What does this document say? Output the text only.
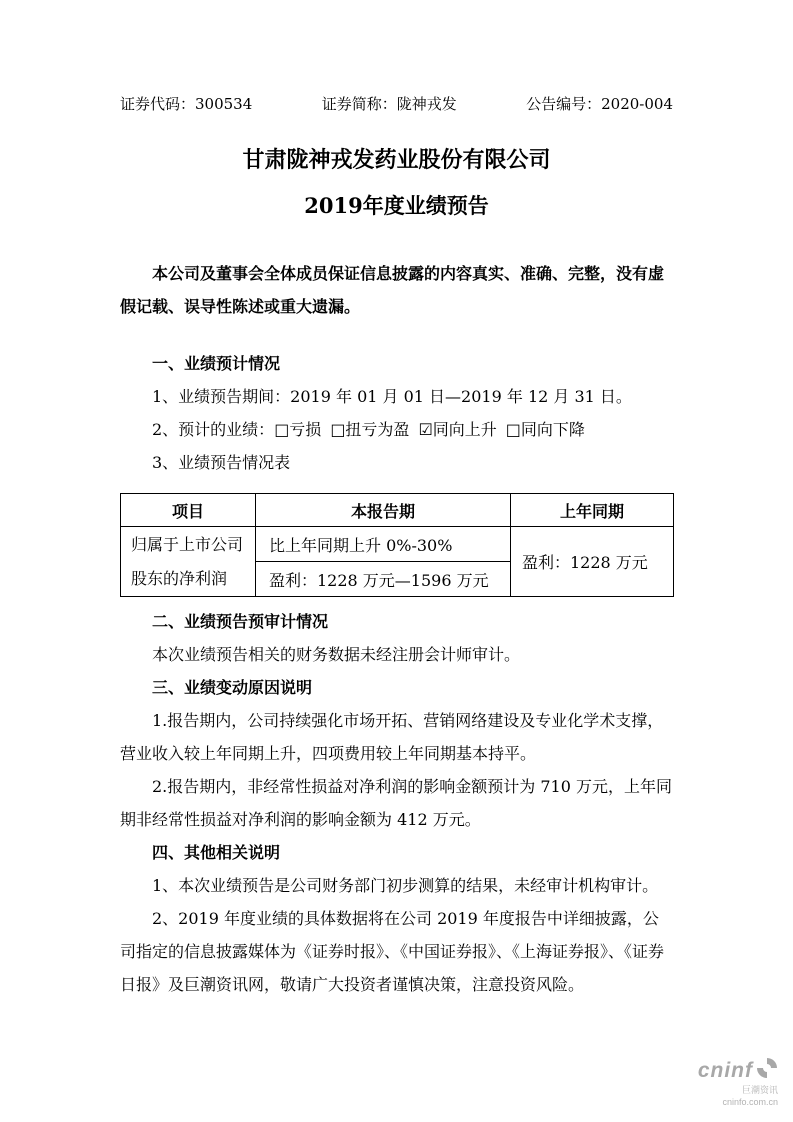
证券代码：300534	证券简称：陇神戎发	公告编号：2020-004
甘肃陇神戎发药业股份有限公司
2019年度业绩预告

本公司及董事会全体成员保证信息披露的内容真实、准确、完整，没有虚假记载、误导性陈述或重大遗漏。

一、业绩预计情况

1、业绩预告期间：2019 年 01 月 01 日—2019 年 12 月 31 日。

2、预计的业绩：□亏损 □扭亏为盈 ☑同向上升 □同向下降

3、业绩预告情况表

项目	本报告期	上年同期
归属于上市公司股东的净利润	比上年同期上升 0%-30%	盈利：1228 万元
	盈利：1228 万元—1596 万元	

二、业绩预告预审计情况

本次业绩预告相关的财务数据未经注册会计师审计。

三、业绩变动原因说明

1.报告期内，公司持续强化市场开拓、营销网络建设及专业化学术支撑，营业收入较上年同期上升，四项费用较上年同期基本持平。

2.报告期内，非经常性损益对净利润的影响金额预计为 710 万元，上年同期非经常性损益对净利润的影响金额为 412 万元。

四、其他相关说明

1、本次业绩预告是公司财务部门初步测算的结果，未经审计机构审计。

2、2019 年度业绩的具体数据将在公司 2019 年度报告中详细披露，公司指定的信息披露媒体为《证券时报》、《中国证券报》、《上海证券报》、《证券日报》及巨潮资讯网，敬请广大投资者谨慎决策，注意投资风险。

cninf
巨潮资讯
cninfo.com.cn
